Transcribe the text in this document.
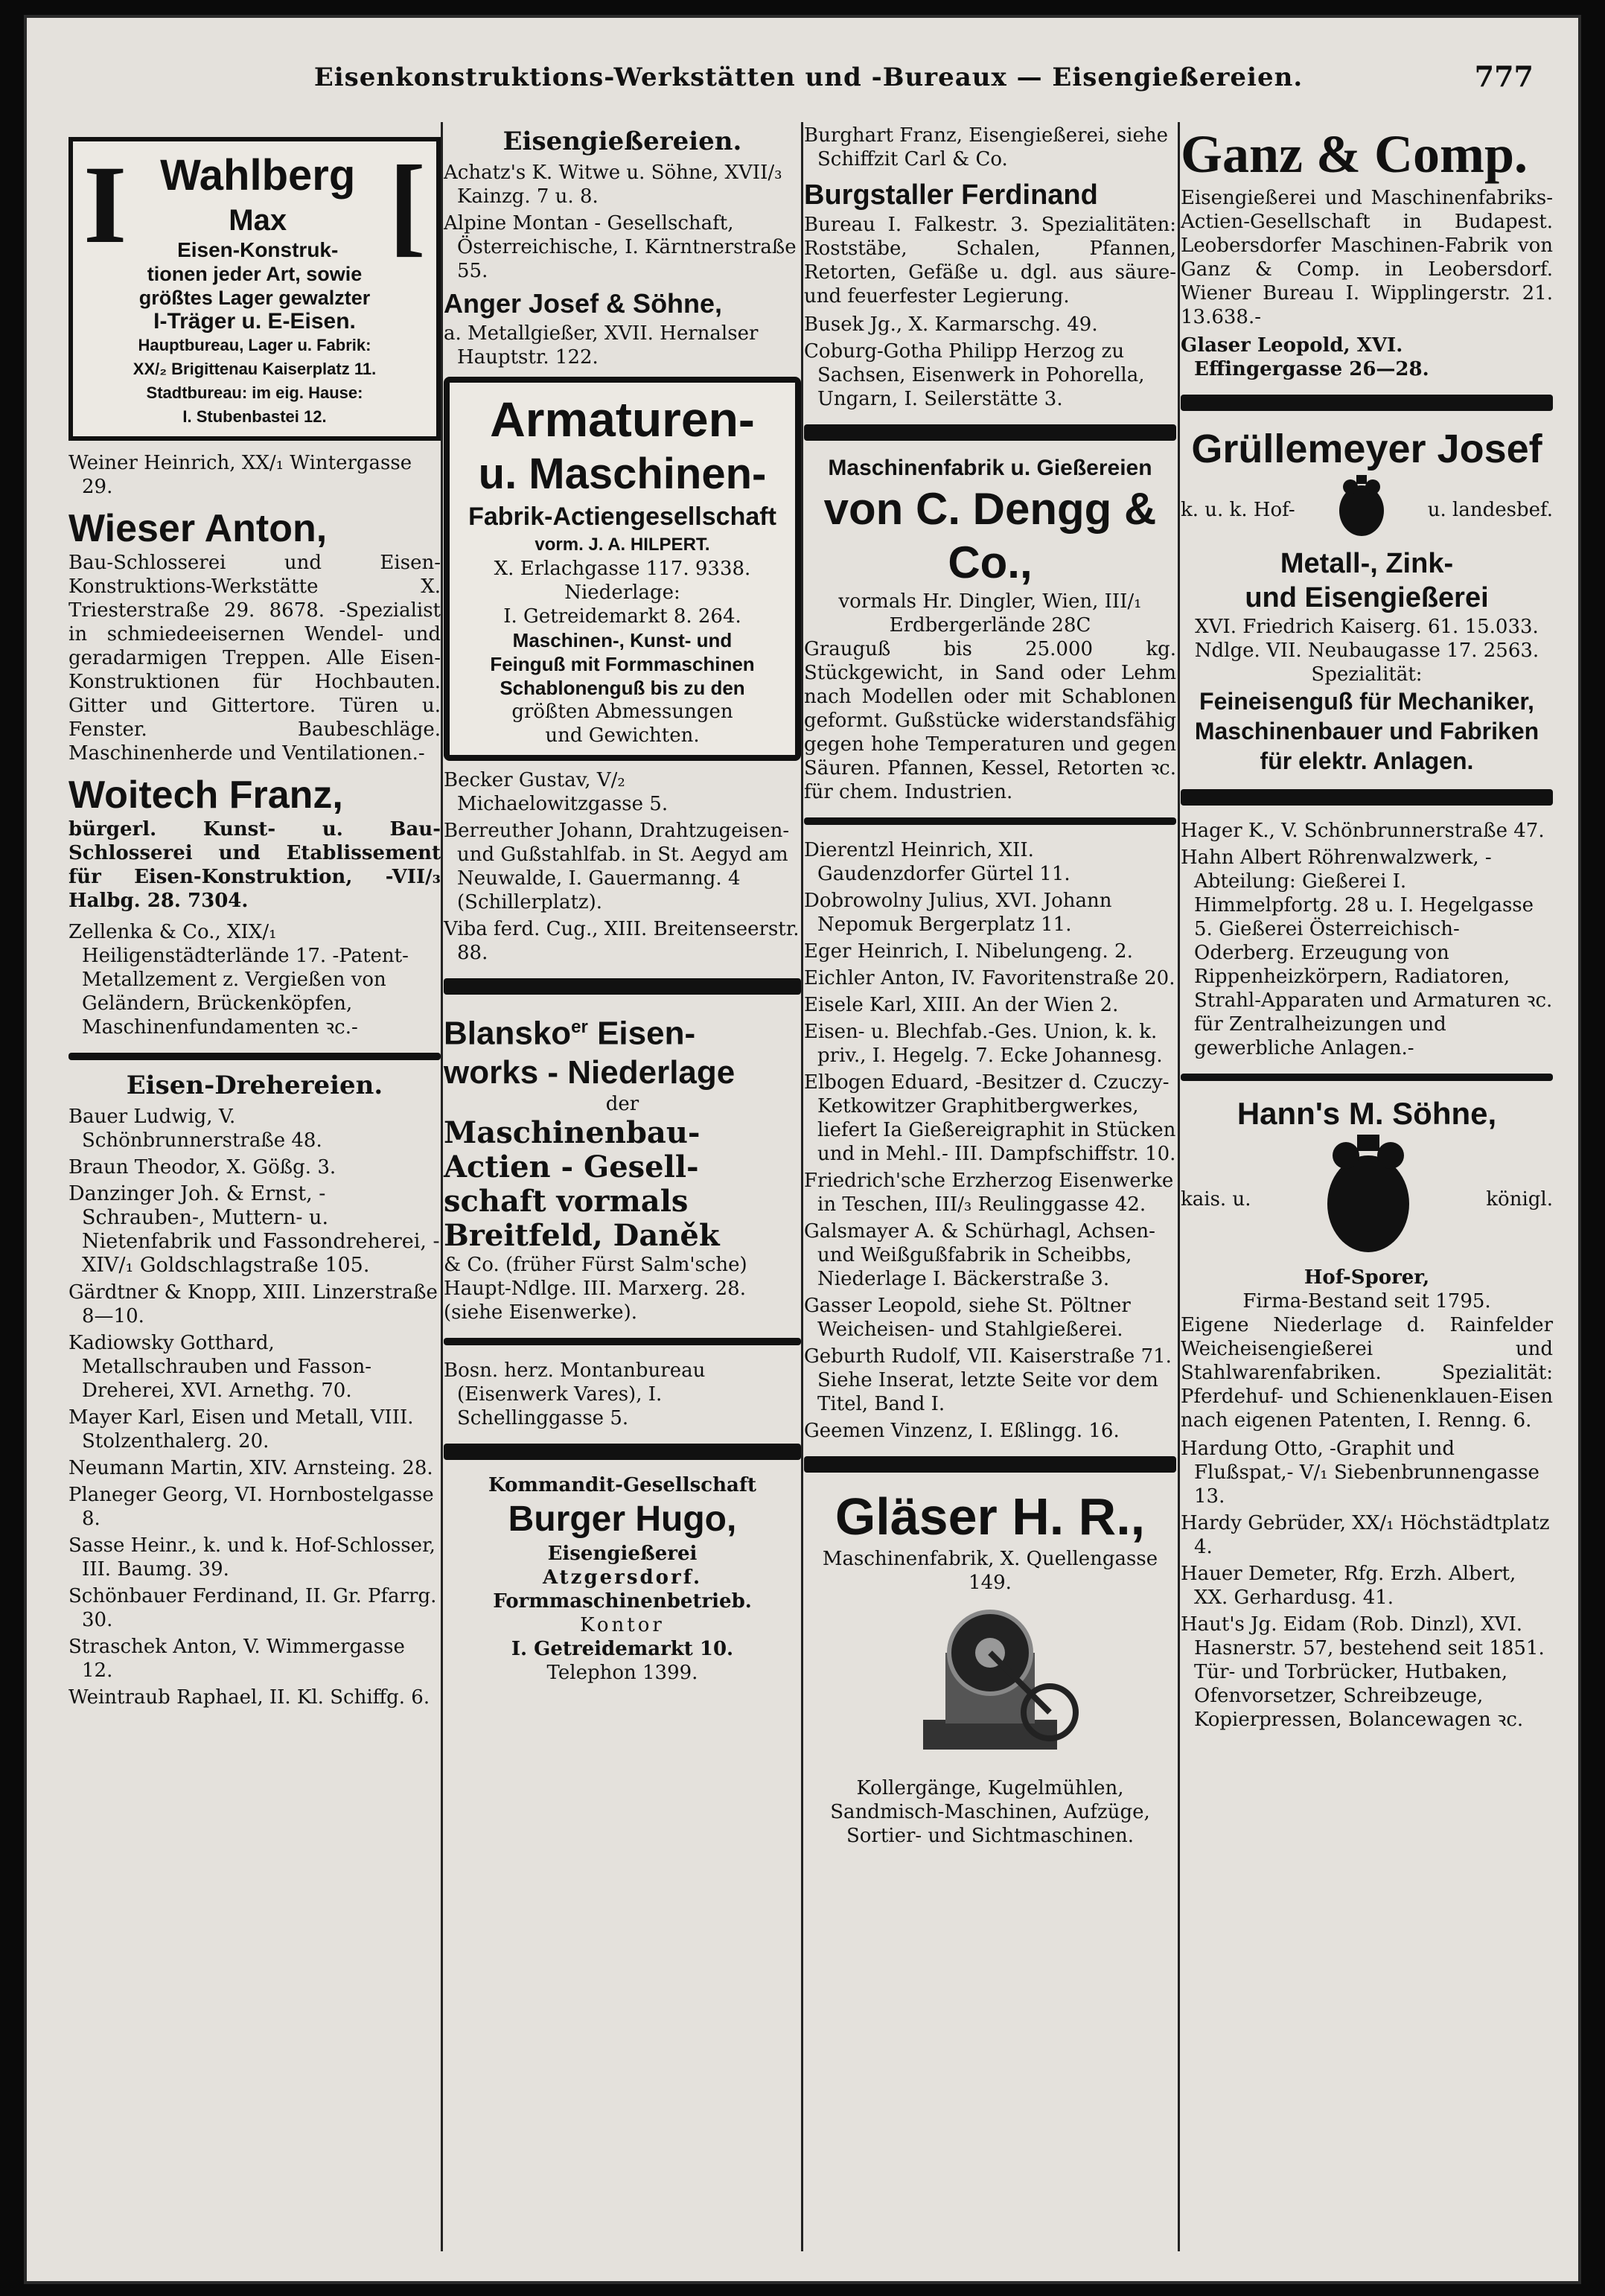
Eisenkonstruktions-Werkstätten und -Bureaux — Eisengießereien.	777
I Wahlberg
Max
Eisen-Konstruk- [
tionen jeder Art, sowie
größtes Lager gewalzter
I-Träger u. E-Eisen.
Hauptbureau, Lager u. Fabrik:
XX/₂ Brigittenau Kaiserplatz 11.
Stadtbureau: im eig. Hause:
I. Stubenbastei 12.
Weiner Heinrich, XX/₁ Wintergasse 29.
Wieser Anton,
Bau-Schlosserei und Eisen-Konstruktions-Werkstätte X. Triesterstraße 29. 8678. -Spezialist in schmiedeeisernen Wendel- und geradarmigen Treppen. Alle Eisen-Konstruktionen für Hochbauten. Gitter und Gittertore. Türen u. Fenster. Baubeschläge. Maschinenherde und Ventilationen.-
Woitech Franz,
bürgerl. Kunst- u. Bau-Schlosserei und Etablissement für Eisen-Konstruktion, -VII/₃ Halbg. 28. 7304.
Zellenka & Co., XIX/₁ Heiligenstädterlände 17. -Patent-Metallzement z. Vergießen von Geländern, Brückenköpfen, Maschinenfundamenten ꝛc.-
Eisen-Drehereien.
Bauer Ludwig, V. Schönbrunnerstraße 48.
Braun Theodor, X. Gößg. 3.
Danzinger Joh. & Ernst, -Schrauben-, Muttern- u. Nietenfabrik und Fassondreherei, -XIV/₁ Goldschlagstraße 105.
Gärdtner & Knopp, XIII. Linzerstraße 8—10.
Kadiowsky Gotthard, Metallschrauben und Fasson-Dreherei, XVI. Arnethg. 70.
Mayer Karl, Eisen und Metall, VIII. Stolzenthalerg. 20.
Neumann Martin, XIV. Arnsteing. 28.
Planeger Georg, VI. Hornbostelgasse 8.
Sasse Heinr., k. und k. Hof-Schlosser, III. Baumg. 39.
Schönbauer Ferdinand, II. Gr. Pfarrg. 30.
Straschek Anton, V. Wimmergasse 12.
Weintraub Raphael, II. Kl. Schiffg. 6.
Eisengießereien.
Achatz's K. Witwe u. Söhne, XVII/₃ Kainzg. 7 u. 8.
Alpine Montan - Gesellschaft, Österreichische, I. Kärntnerstraße 55.
Anger Josef & Söhne,
a. Metallgießer, XVII. Hernalser Hauptstr. 122.
Armaturen-
u. Maschinen-
Fabrik-Actiengesellschaft
vorm. J. A. HILPERT.
X. Erlachgasse 117. 9338.
Niederlage:
I. Getreidemarkt 8. 264.
Maschinen-, Kunst- und
Feinguß mit Formmaschinen
Schablonenguß bis zu den
größten Abmessungen
und Gewichten.
Becker Gustav, V/₂ Michaelowitzgasse 5.
Berreuther Johann, Drahtzugeisen- und Gußstahlfab. in St. Aegyd am Neuwalde, I. Gauermanng. 4 (Schillerplatz).
Viba ferd. Cug., XIII. Breitenseerstr. 88.
Blansko$^{er}$ Eisen-
works - Niederlage
der
Maschinenbau-
Actien - Gesell-
schaft vormals
Breitfeld, Daněk
& Co. (früher Fürst Salm'sche) Haupt-Ndlge. III. Marxerg. 28.
(siehe Eisenwerke).
Bosn. herz. Montanbureau (Eisenwerk Vares), I. Schellinggasse 5.
Kommandit-Gesellschaft
Burger Hugo,
Eisengießerei
Atzgersdorf.
Formmaschinenbetrieb.
Kontor
I. Getreidemarkt 10.
Telephon 1399.
Burghart Franz, Eisengießerei, siehe Schiffzit Carl & Co.
Burgstaller Ferdinand
Bureau I. Falkestr. 3. Spezialitäten: Roststäbe, Schalen, Pfannen, Retorten, Gefäße u. dgl. aus säure- und feuerfester Legierung.
Busek Jg., X. Karmarschg. 49.
Coburg-Gotha Philipp Herzog zu Sachsen, Eisenwerk in Pohorella, Ungarn, I. Seilerstätte 3.
Maschinenfabrik u. Gießereien
von C. Dengg & Co.,
vormals Hr. Dingler, Wien, III/₁ Erdbergerlände 28C
Grauguß bis 25.000 kg. Stückgewicht, in Sand oder Lehm nach Modellen oder mit Schablonen geformt. Gußstücke widerstandsfähig gegen hohe Temperaturen und gegen Säuren. Pfannen, Kessel, Retorten ꝛc. für chem. Industrien.
Dierentzl Heinrich, XII. Gaudenzdorfer Gürtel 11.
Dobrowolny Julius, XVI. Johann Nepomuk Bergerplatz 11.
Eger Heinrich, I. Nibelungeng. 2.
Eichler Anton, IV. Favoritenstraße 20.
Eisele Karl, XIII. An der Wien 2.
Eisen- u. Blechfab.-Ges. Union, k. k. priv., I. Hegelg. 7. Ecke Johannesg.
Elbogen Eduard, -Besitzer d. Czuczy-Ketkowitzer Graphitbergwerkes, liefert Ia Gießereigraphit in Stücken und in Mehl.- III. Dampfschiffstr. 10.
Friedrich'sche Erzherzog Eisenwerke in Teschen, III/₃ Reulinggasse 42.
Galsmayer A. & Schürhagl, Achsen- und Weißgußfabrik in Scheibbs, Niederlage I. Bäckerstraße 3.
Gasser Leopold, siehe St. Pöltner Weicheisen- und Stahlgießerei.
Geburth Rudolf, VII. Kaiserstraße 71. Siehe Inserat, letzte Seite vor dem Titel, Band I.
Geemen Vinzenz, I. Eßlingg. 16.
Gläser H. R.,
Maschinenfabrik, X. Quellengasse 149.
Kollergänge, Kugelmühlen, Sandmisch-Maschinen, Aufzüge, Sortier- und Sichtmaschinen.
Ganz & Comp.
Eisengießerei und Maschinenfabriks-Actien-Gesellschaft in Budapest. Leobersdorfer Maschinen-Fabrik von Ganz & Comp. in Leobersdorf. Wiener Bureau I. Wipplingerstr. 21. 13.638.-
Glaser Leopold, XVI. Effingergasse 26—28.
Grüllemeyer Josef
k. u. k. Hof-	u. landesbef.
Metall-, Zink-
und Eisengießerei
XVI. Friedrich Kaiserg. 61. 15.033. Ndlge. VII. Neubaugasse 17. 2563.
Spezialität:
Feineisenguß für Mechaniker, Maschinenbauer und Fabriken für elektr. Anlagen.
Hager K., V. Schönbrunnerstraße 47.
Hahn Albert Röhrenwalzwerk, -Abteilung: Gießerei I. Himmelpfortg. 28 u. I. Hegelgasse 5. Gießerei Österreichisch-Oderberg. Erzeugung von Rippenheizkörpern, Radiatoren, Strahl-Apparaten und Armaturen ꝛc. für Zentralheizungen und gewerbliche Anlagen.-
Hann's M. Söhne,
kais. u.	königl.
Hof-Sporer,
Firma-Bestand seit 1795.
Eigene Niederlage d. Rainfelder Weicheisengießerei und Stahlwarenfabriken. Spezialität: Pferdehuf- und Schienenklauen-Eisen nach eigenen Patenten, I. Renng. 6.
Hardung Otto, -Graphit und Flußspat,- V/₁ Siebenbrunnengasse 13.
Hardy Gebrüder, XX/₁ Höchstädtplatz 4.
Hauer Demeter, Rfg. Erzh. Albert, XX. Gerhardusg. 41.
Haut's Jg. Eidam (Rob. Dinzl), XVI. Hasnerstr. 57, bestehend seit 1851. Tür- und Torbrücker, Hutbaken, Ofenvorsetzer, Schreibzeuge, Kopierpressen, Bolancewagen ꝛc.
